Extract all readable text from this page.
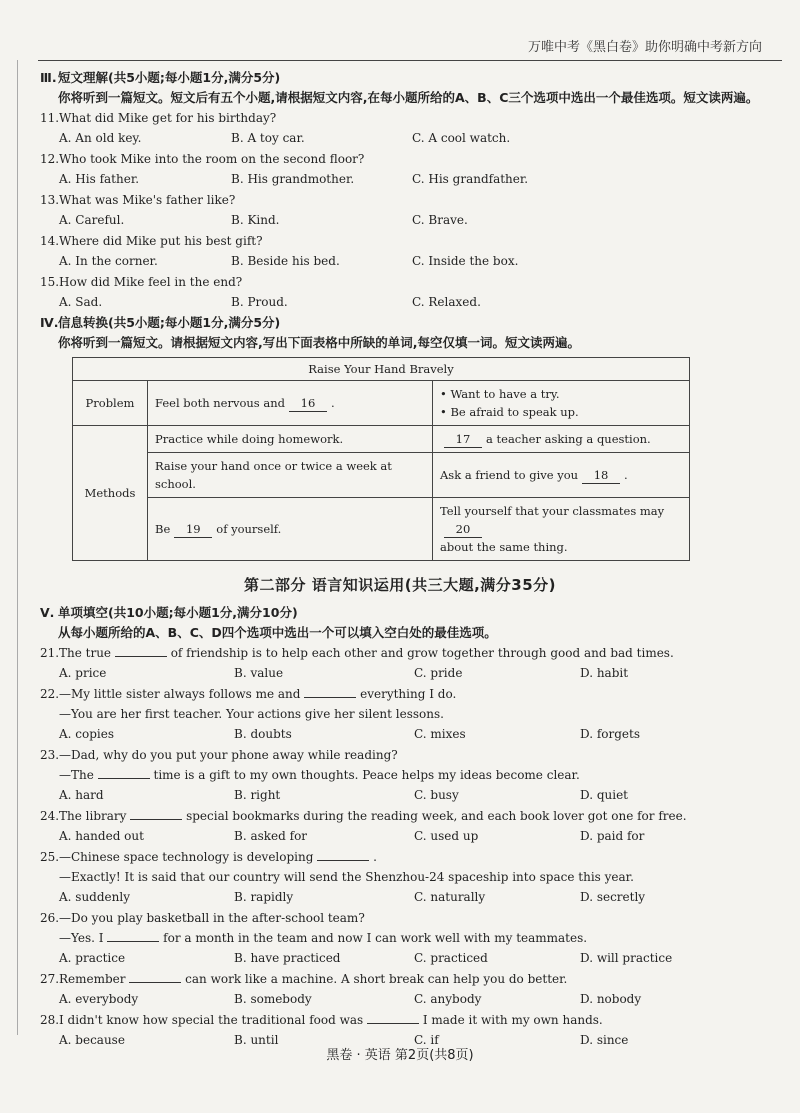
万唯中考《黑白卷》助你明确中考新方向
Ⅲ.短文理解(共5小题;每小题1分,满分5分)
你将听到一篇短文。短文后有五个小题,请根据短文内容,在每小题所给的A、B、C三个选项中选出一个最佳选项。短文读两遍。
11.What did Mike get for his birthday?
A. An old key.	B. A toy car.	C. A cool watch.
12.Who took Mike into the room on the second floor?
A. His father.	B. His grandmother.	C. His grandfather.
13.What was Mike's father like?
A. Careful.	B. Kind.	C. Brave.
14.Where did Mike put his best gift?
A. In the corner.	B. Beside his bed.	C. Inside the box.
15.How did Mike feel in the end?
A. Sad.	B. Proud.	C. Relaxed.
Ⅳ.信息转换(共5小题;每小题1分,满分5分)
你将听到一篇短文。请根据短文内容,写出下面表格中所缺的单词,每空仅填一词。短文读两遍。
Raise Your Hand Bravely		
Problem	Feel both nervous and 16 .	• Want to have a try.
• Be afraid to speak up.

Methods	Practice while doing homework.	17 a teacher asking a question.
	Raise your hand once or twice a week at school.	Ask a friend to give you 18 .
	Be 19 of yourself.	Tell yourself that your classmates may20
about the same thing.
第二部分 语言知识运用(共三大题,满分35分)
Ⅴ. 单项填空(共10小题;每小题1分,满分10分)
从每小题所给的A、B、C、D四个选项中选出一个可以填入空白处的最佳选项。
21.The true	of friendship is to help each other and grow together through good and bad times.
A. price	B. value	C. pride	D. habit
22.—My little sister always follows me and	everything I do.
—You are her first teacher. Your actions give her silent lessons.
A. copies	B. doubts	C. mixes	D. forgets
23.—Dad, why do you put your phone away while reading?
—The	time is a gift to my own thoughts. Peace helps my ideas become clear.
A. hard	B. right	C. busy	D. quiet
24.The library	special bookmarks during the reading week, and each book lover got one for free.
A. handed out	B. asked for	C. used up	D. paid for
25.—Chinese space technology is developing	.
—Exactly! It is said that our country will send the Shenzhou-24 spaceship into space this year.
A. suddenly	B. rapidly	C. naturally	D. secretly
26.—Do you play basketball in the after-school team?
—Yes. I	for a month in the team and now I can work well with my teammates.
A. practice	B. have practiced	C. practiced	D. will practice
27.Remember	can work like a machine. A short break can help you do better.
A. everybody	B. somebody	C. anybody	D. nobody
28.I didn't know how special the traditional food was	I made it with my own hands.
A. because	B. until	C. if	D. since
黑卷 · 英语 第2页(共8页)
